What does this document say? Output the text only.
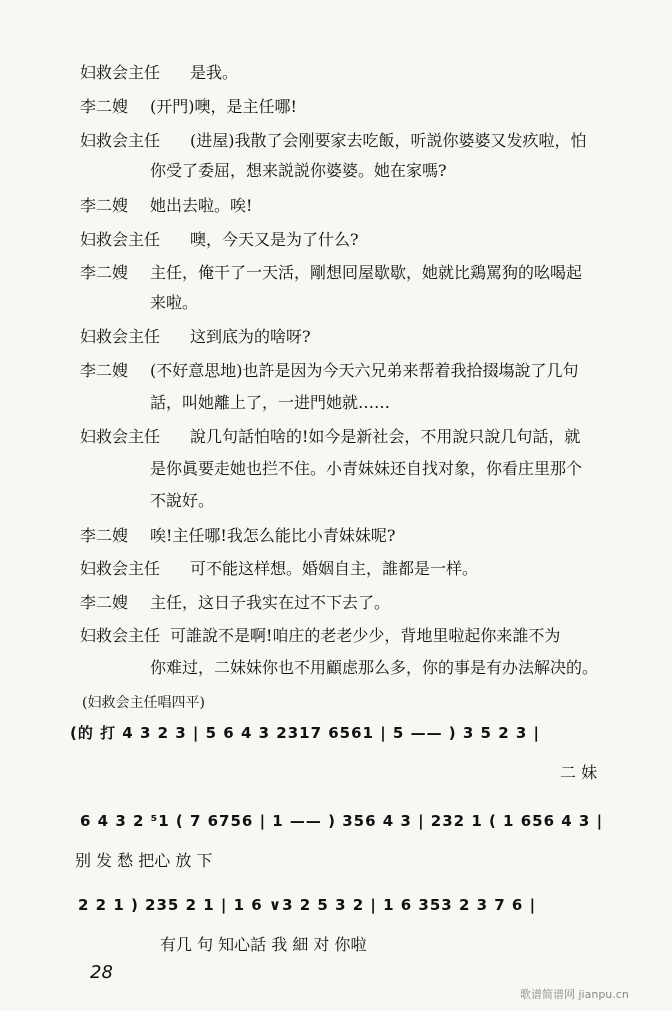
妇救会主任 是我。
李二嫂 (开門)噢，是主任哪!
妇救会主任 (进屋)我散了会刚要家去吃飯，听説你婆婆又发疚啦，怕
你受了委屈，想来説説你婆婆。她在家嗎?
李二嫂 她出去啦。唉!
妇救会主任 噢，今天又是为了什么?
李二嫂 主任，俺干了一天活，剛想囘屋歇歇，她就比鶏罵狗的吆喝起
来啦。
妇救会主任 这到底为的啥呀?
李二嫂 (不好意思地)也許是因为今天六兄弟来帮着我拾掇塲說了几句
話，叫她離上了，一进門她就……
妇救会主任 說几句話怕啥的!如今是新社会，不用說只說几句話，就
是你眞要走她也拦不住。小青妹妹还自找对象，你看庄里那个
不說好。
李二嫂 唉!主任哪!我怎么能比小青妹妹呢?
妇救会主任 可不能这样想。婚姻自主，誰都是一样。
李二嫂 主任，这日子我实在过不下去了。
妇救会主任 可誰說不是啊!咱庄的老老少少，背地里啦起你来誰不为
你难过，二妹妹你也不用顧虑那么多，你的事是有办法解决的。
(妇救会主任唱四平)
(的 打 4 3 2 3 | 5 6 4 3 2317 6561 | 5 —— ) 3 5 2 3 |
二 妹
6 4 3 2 ⁵1 ( 7 6756 | 1 —— ) 356 4 3 | 232 1 ( 1 656 4 3 |
别 发 愁 把心 放 下
2 2 1 ) 235 2 1 | 1 6 ∨3 2 5 3 2 | 1 6 353 2 3 7 6 |
有几 句 知心話 我 細 对 你啦
28
歌谱简谱网 jianpu.cn
